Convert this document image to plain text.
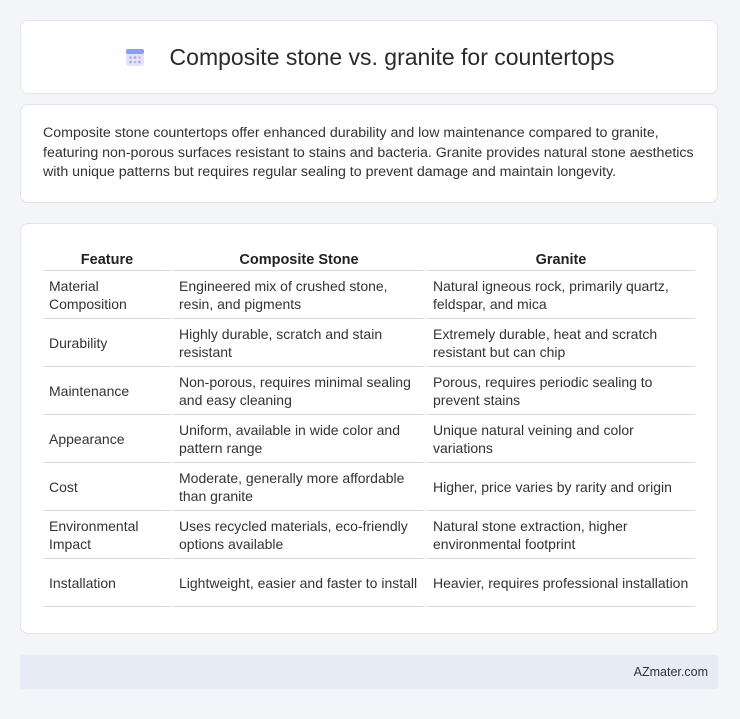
Composite stone vs. granite for countertops

Composite stone countertops offer enhanced durability and low maintenance compared to granite, featuring non-porous surfaces resistant to stains and bacteria. Granite provides natural stone aesthetics with unique patterns but requires regular sealing to prevent damage and maintain longevity.

Feature	Composite Stone	Granite
Material Composition	Engineered mix of crushed stone, resin, and pigments	Natural igneous rock, primarily quartz, feldspar, and mica
Durability	Highly durable, scratch and stain resistant	Extremely durable, heat and scratch resistant but can chip
Maintenance	Non-porous, requires minimal sealing and easy cleaning	Porous, requires periodic sealing to prevent stains
Appearance	Uniform, available in wide color and pattern range	Unique natural veining and color variations
Cost	Moderate, generally more affordable than granite	Higher, price varies by rarity and origin
Environmental Impact	Uses recycled materials, eco-friendly options available	Natural stone extraction, higher environmental footprint
Installation	Lightweight, easier and faster to install	Heavier, requires professional installation
AZmater.com
